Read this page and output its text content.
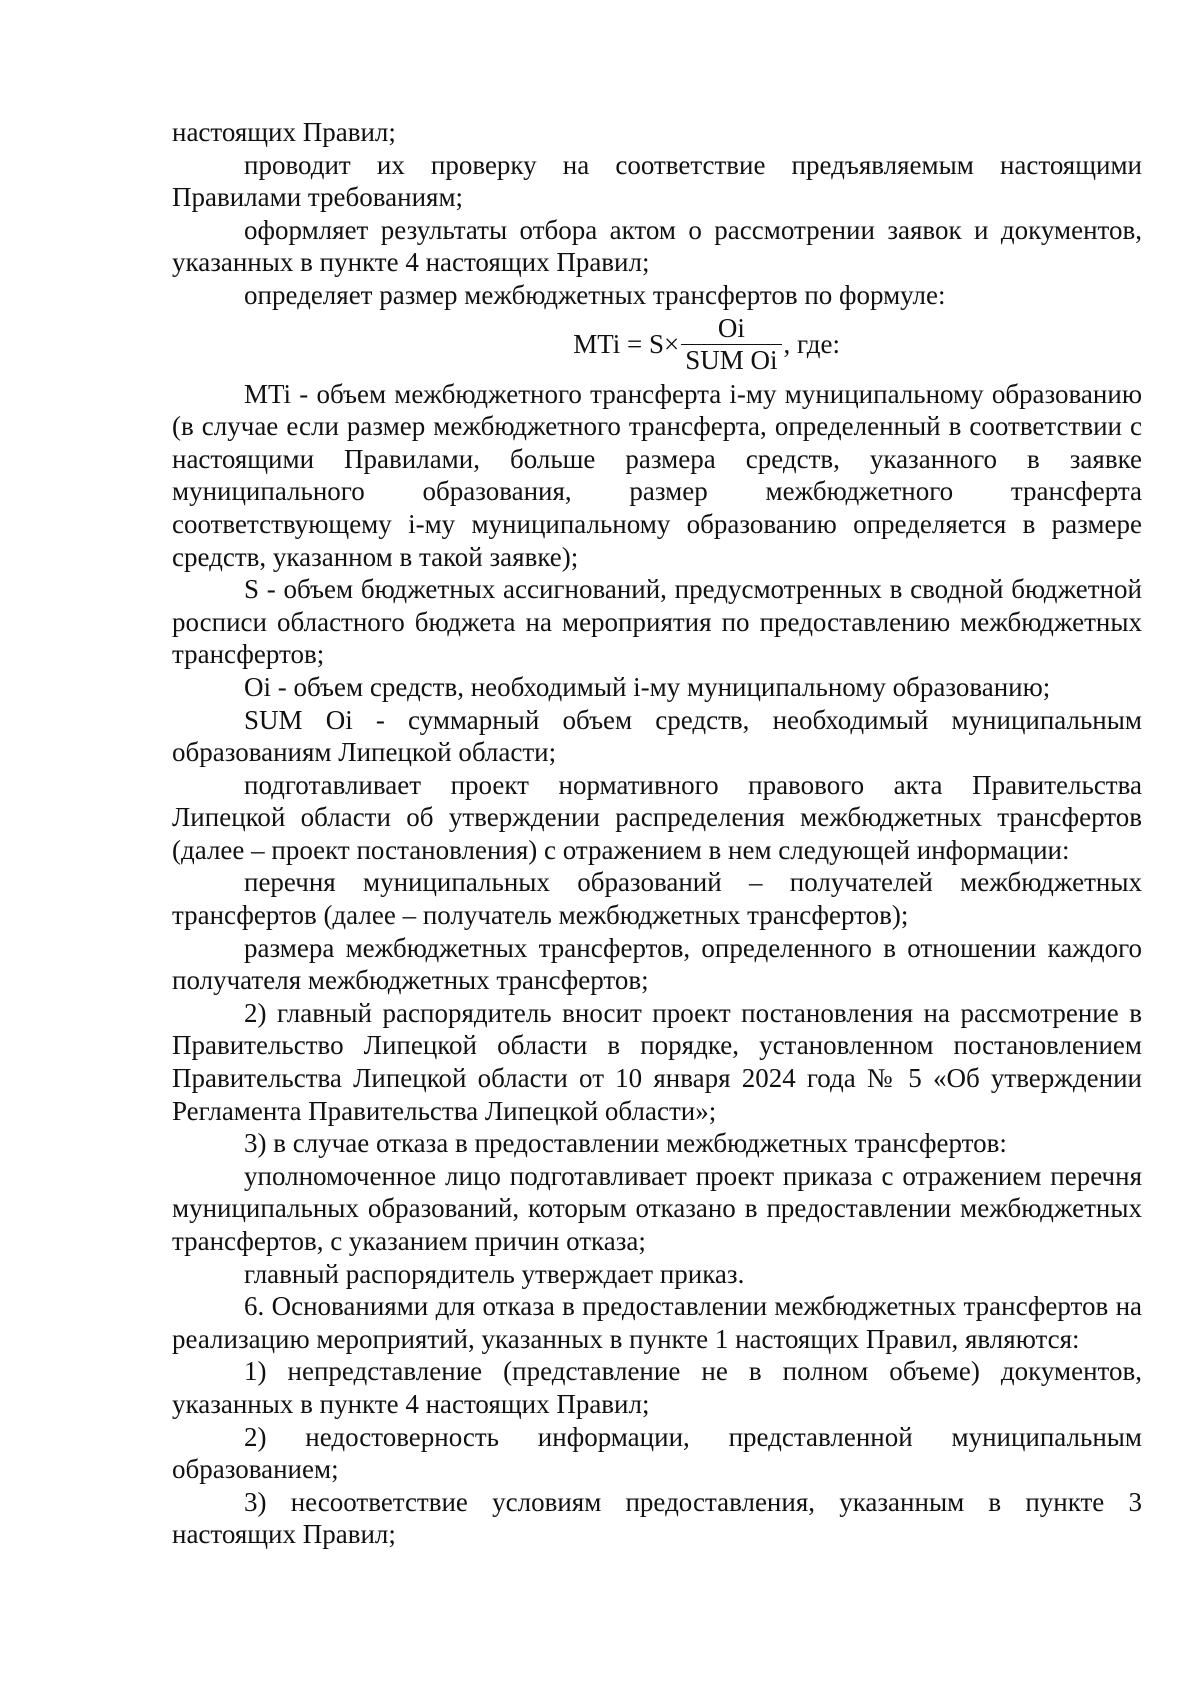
настоящих Правил;

проводит их проверку на соответствие предъявляемым настоящими Правилами требованиям;

оформляет результаты отбора актом о рассмотрении заявок и документов, указанных в пункте 4 настоящих Правил;

определяет размер межбюджетных трансфертов по формуле:

MTi = $S\times \frac{Oi}{\text{SUM Oi}}$ , где:

MTi - объем межбюджетного трансферта i-му муниципальному образованию (в случае если размер межбюджетного трансферта, определенный в соответствии с настоящими Правилами, больше размера средств, указанного в заявке муниципального образования, размер межбюджетного трансферта соответствующему i-му муниципальному образованию определяется в размере средств, указанном в такой заявке);

S - объем бюджетных ассигнований, предусмотренных в сводной бюджетной росписи областного бюджета на мероприятия по предоставлению межбюджетных трансфертов;

Oi - объем средств, необходимый i-му муниципальному образованию;

SUM Oi - суммарный объем средств, необходимый муниципальным образованиям Липецкой области;

подготавливает проект нормативного правового акта Правительства Липецкой области об утверждении распределения межбюджетных трансфертов (далее – проект постановления) с отражением в нем следующей информации:

перечня муниципальных образований – получателей межбюджетных трансфертов (далее – получатель межбюджетных трансфертов);

размера межбюджетных трансфертов, определенного в отношении каждого получателя межбюджетных трансфертов;

2) главный распорядитель вносит проект постановления на рассмотрение в Правительство Липецкой области в порядке, установленном постановлением Правительства Липецкой области от 10 января 2024 года № 5 «Об утверждении Регламента Правительства Липецкой области»;

3) в случае отказа в предоставлении межбюджетных трансфертов:

уполномоченное лицо подготавливает проект приказа с отражением перечня муниципальных образований, которым отказано в предоставлении межбюджетных трансфертов, с указанием причин отказа;

главный распорядитель утверждает приказ.

6. Основаниями для отказа в предоставлении межбюджетных трансфертов на реализацию мероприятий, указанных в пункте 1 настоящих Правил, являются:

1) непредставление (представление не в полном объеме) документов, указанных в пункте 4 настоящих Правил;

2) недостоверность информации, представленной муниципальным образованием;

3) несоответствие условиям предоставления, указанным в пункте 3 настоящих Правил;
